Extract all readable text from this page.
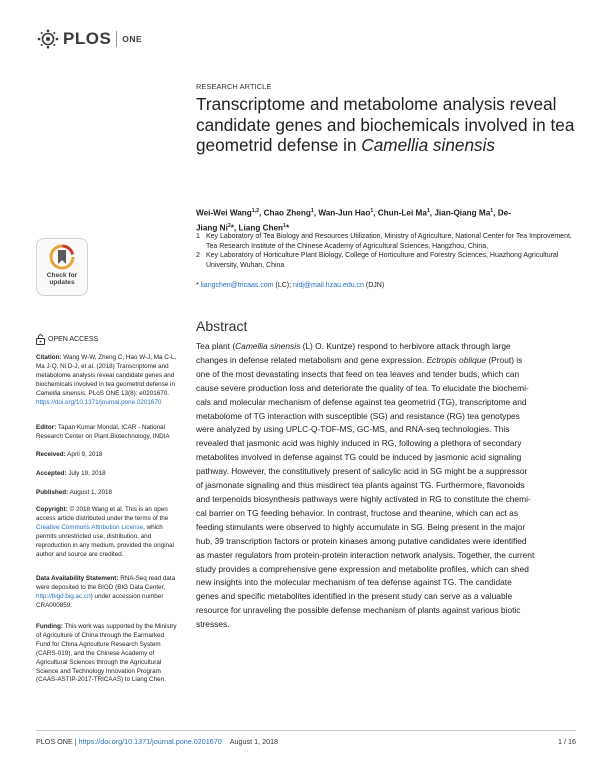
PLOS ONE
RESEARCH ARTICLE
Transcriptome and metabolome analysis reveal candidate genes and biochemicals involved in tea geometrid defense in Camellia sinensis
Wei-Wei Wang$^{1,2}$, Chao Zheng$^1$, Wan-Jun Hao$^1$, Chun-Lei Ma$^1$, Jian-Qiang Ma$^1$, De-
Jiang Ni$^2$*, Liang Chen$^1$*
1 Key Laboratory of Tea Biology and Resources Utilization, Ministry of Agriculture, National Center for Tea Improvement, Tea Research Institute of the Chinese Academy of Agricultural Sciences, Hangzhou, China,
2 Key Laboratory of Horticulture Plant Biology, College of Horticulture and Forestry Sciences, Huazhong Agricultural University, Wuhan, China
* liangchen@tricaas.com (LC); nidj@mail.hzau.edu.cn (DJN)
Abstract
Tea plant (Camellia sinensis (L) O. Kuntze) respond to herbivore attack through large
changes in defense related metabolism and gene expression. Ectropis oblique (Prout) is
one of the most devastating insects that feed on tea leaves and tender buds, which can
cause severe production loss and deteriorate the quality of tea. To elucidate the biochemi-
cals and molecular mechanism of defense against tea geometrid (TG), transcriptome and
metabolome of TG interaction with susceptible (SG) and resistance (RG) tea genotypes
were analyzed by using UPLC-Q-TOF-MS, GC-MS, and RNA-seq technologies. This
revealed that jasmonic acid was highly induced in RG, following a plethora of secondary
metabolites involved in defense against TG could be induced by jasmonic acid signaling
pathway. However, the constitutively present of salicylic acid in SG might be a suppressor
of jasmonate signaling and thus misdirect tea plants against TG. Furthermore, flavonoids
and terpenoids biosynthesis pathways were highly activated in RG to constitute the chemi-
cal barrier on TG feeding behavior. In contrast, fructose and theanine, which can act as
feeding stimulants were observed to highly accumulate in SG. Being present in the major
hub, 39 transcription factors or protein kinases among putative candidates were identified
as master regulators from protein-protein interaction network analysis. Together, the current
study provides a comprehensive gene expression and metabolite profiles, which can shed
new insights into the molecular mechanism of tea defense against TG. The candidate
genes and specific metabolites identified in the present study can serve as a valuable
resource for unraveling the possible defense mechanism of plants against various biotic
stresses.
Check for
updates
OPEN ACCESS
Citation: Wang W-W, Zheng C, Hao W-J, Ma C-L,
Ma J-Q, Ni D-J, et al. (2018) Transcriptome and
metabolome analysis reveal candidate genes and
biochemicals involved in tea geometrid defense in
Camellia sinensis. PLoS ONE 13(8): e0201670.
https://doi.org/10.1371/journal.pone.0201670
Editor: Tapan Kumar Mondal, ICAR - National
Research Center on Plant Biotechnology, INDIA
Received: April 9, 2018
Accepted: July 19, 2018
Published: August 1, 2018
Copyright: © 2018 Wang et al. This is an open
access article distributed under the terms of the
Creative Commons Attribution License, which
permits unrestricted use, distribution, and
reproduction in any medium, provided the original
author and source are credited.
Data Availability Statement: RNA-Seq read data
were deposited to the BIGD (BIG Data Center,
http://bigd.big.ac.cn) under accession number
CRA000859.
Funding: This work was supported by the Ministry
of Agriculture of China through the Earmarked
Fund for China Agriculture Research System
(CARS-019), and the Chinese Academy of
Agricultural Sciences through the Agricultural
Science and Technology Innovation Program
(CAAS-ASTIP-2017-TRICAAS) to Liang Chen.
PLOS ONE | https://doi.org/10.1371/journal.pone.0201670 August 1, 2018	1 / 16
